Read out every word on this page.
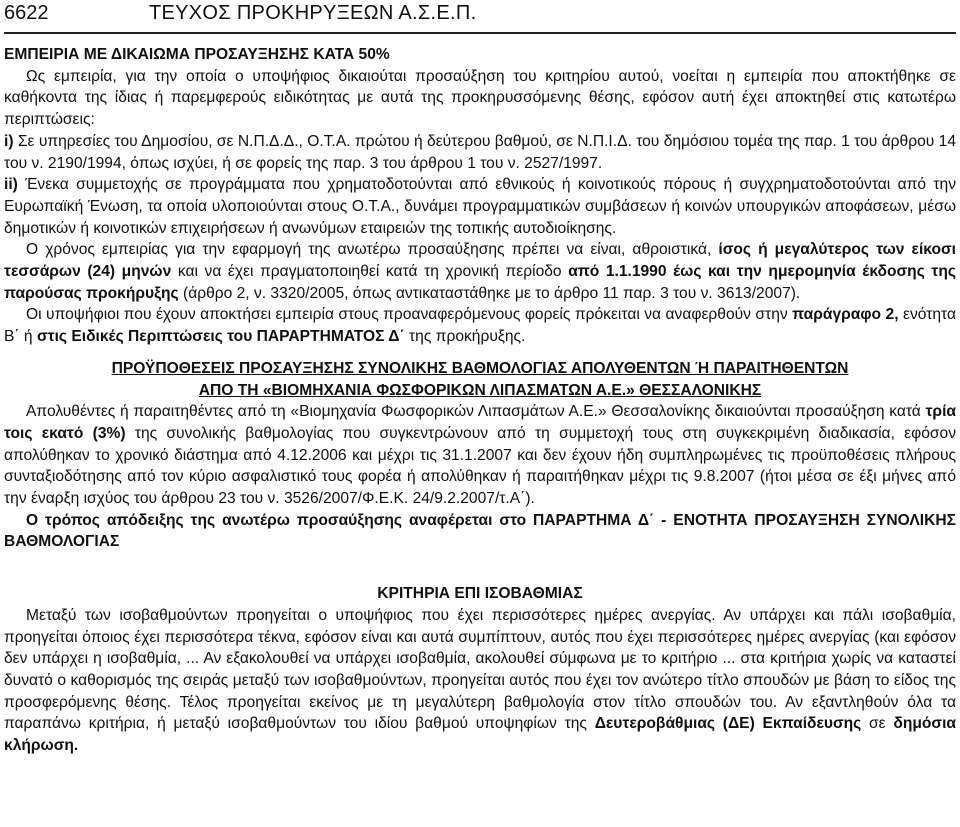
6622	ΤΕΥΧΟΣ ΠΡΟΚΗΡΥΞΕΩΝ Α.Σ.Ε.Π.

ΕΜΠΕΙΡΙΑ ΜΕ ΔΙΚΑΙΩΜΑ ΠΡΟΣΑΥΞΗΣΗΣ ΚΑΤΑ 50%

Ως εμπειρία, για την οποία ο υποψήφιος δικαιούται προσαύξηση του κριτηρίου αυτού, νοείται η εμπειρία που αποκτήθηκε σε καθήκοντα της ίδιας ή παρεμφερούς ειδικότητας με αυτά της προκηρυσσόμενης θέσης, εφόσον αυτή έχει αποκτηθεί στις κατωτέρω περιπτώσεις:

i) Σε υπηρεσίες του Δημοσίου, σε Ν.Π.Δ.Δ., Ο.Τ.Α. πρώτου ή δεύτερου βαθμού, σε Ν.Π.Ι.Δ. του δημόσιου τομέα της παρ. 1 του άρθρου 14 του ν. 2190/1994, όπως ισχύει, ή σε φορείς της παρ. 3 του άρθρου 1 του ν. 2527/1997.

ii) Ένεκα συμμετοχής σε προγράμματα που χρηματοδοτούνται από εθνικούς ή κοινοτικούς πόρους ή συγχρηματοδοτούνται από την Ευρωπαϊκή Ένωση, τα οποία υλοποιούνται στους Ο.Τ.Α., δυνάμει προγραμματικών συμβάσεων ή κοινών υπουργικών αποφάσεων, μέσω δημοτικών ή κοινοτικών επιχειρήσεων ή ανωνύμων εταιρειών της τοπικής αυτοδιοίκησης.

Ο χρόνος εμπειρίας για την εφαρμογή της ανωτέρω προσαύξησης πρέπει να είναι, αθροιστικά, ίσος ή μεγαλύτερος των είκοσι τεσσάρων (24) μηνών και να έχει πραγματοποιηθεί κατά τη χρονική περίοδο από 1.1.1990 έως και την ημερομηνία έκδοσης της παρούσας προκήρυξης (άρθρο 2, ν. 3320/2005, όπως αντικαταστάθηκε με το άρθρο 11 παρ. 3 του ν. 3613/2007).

Οι υποψήφιοι που έχουν αποκτήσει εμπειρία στους προαναφερόμενους φορείς πρόκειται να αναφερθούν στην παράγραφο 2, ενότητα Β΄ ή στις Ειδικές Περιπτώσεις του ΠΑΡΑΡΤΗΜΑΤΟΣ Δ΄ της προκήρυξης.

ΠΡΟΫΠΟΘΕΣΕΙΣ ΠΡΟΣΑΥΞΗΣΗΣ ΣΥΝΟΛΙΚΗΣ ΒΑΘΜΟΛΟΓΙΑΣ ΑΠΟΛΥΘΕΝΤΩΝ Ή ΠΑΡΑΙΤΗΘΕΝΤΩΝ

ΑΠΟ ΤΗ «ΒΙΟΜΗΧΑΝΙΑ ΦΩΣΦΟΡΙΚΩΝ ΛΙΠΑΣΜΑΤΩΝ Α.Ε.» ΘΕΣΣΑΛΟΝΙΚΗΣ

Απολυθέντες ή παραιτηθέντες από τη «Βιομηχανία Φωσφορικών Λιπασμάτων Α.Ε.» Θεσσαλονίκης δικαιούνται προσαύξηση κατά τρία τοις εκατό (3%) της συνολικής βαθμολογίας που συγκεντρώνουν από τη συμμετοχή τους στη συγκεκριμένη διαδικασία, εφόσον απολύθηκαν το χρονικό διάστημα από 4.12.2006 και μέχρι τις 31.1.2007 και δεν έχουν ήδη συμπληρωμένες τις προϋποθέσεις πλήρους συνταξιοδότησης από τον κύριο ασφαλιστικό τους φορέα ή απολύθηκαν ή παραιτήθηκαν μέχρι τις 9.8.2007 (ήτοι μέσα σε έξι μήνες από την έναρξη ισχύος του άρθρου 23 του ν. 3526/2007/Φ.Ε.Κ. 24/9.2.2007/τ.Α΄).

Ο τρόπος απόδειξης της ανωτέρω προσαύξησης αναφέρεται στο ΠΑΡΑΡΤΗΜΑ Δ΄ - ΕΝΟΤΗΤΑ ΠΡΟΣΑΥΞΗΣΗ ΣΥΝΟΛΙΚΗΣ ΒΑΘΜΟΛΟΓΙΑΣ

ΚΡΙΤΗΡΙΑ ΕΠΙ ΙΣΟΒΑΘΜΙΑΣ

Μεταξύ των ισοβαθμούντων προηγείται ο υποψήφιος που έχει περισσότερες ημέρες ανεργίας. Αν υπάρχει και πάλι ισοβαθμία, προηγείται όποιος έχει περισσότερα τέκνα, εφόσον είναι και αυτά συμπίπτουν, αυτός που έχει περισσότερες ημέρες ανεργίας (και εφόσον δεν υπάρχει η ισοβαθμία, ... Αν εξακολουθεί να υπάρχει ισοβαθμία, ακολουθεί σύμφωνα με το κριτήριο ... στα κριτήρια χωρίς να καταστεί δυνατό ο καθορισμός της σειράς μεταξύ των ισοβαθμούντων, προηγείται αυτός που έχει τον ανώτερο τίτλο σπουδών με βάση το είδος της προσφερόμενης θέσης. Τέλος προηγείται εκείνος με τη μεγαλύτερη βαθμολογία στον τίτλο σπουδών του. Αν εξαντληθούν όλα τα παραπάνω κριτήρια, ή μεταξύ ισοβαθμούντων του ιδίου βαθμού υποψηφίων της Δευτεροβάθμιας (ΔΕ) Εκπαίδευσης σε δημόσια κλήρωση.
